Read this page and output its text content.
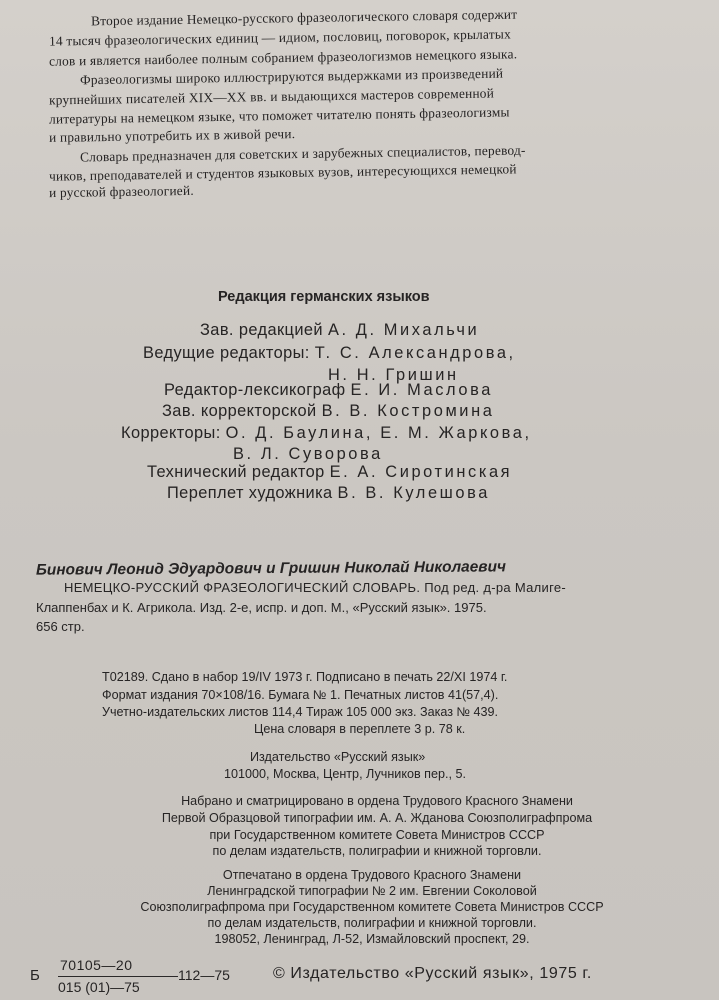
Второе издание Немецко-русского фразеологического словаря содержит

14 тысяч фразеологических единиц — идиом, пословиц, поговорок, крылатых

слов и является наиболее полным собранием фразеологизмов немецкого языка.

Фразеологизмы широко иллюстрируются выдержками из произведений

крупнейших писателей XIX—XX вв. и выдающихся мастеров современной

литературы на немецком языке, что поможет читателю понять фразеологизмы

и правильно употребить их в живой речи.

Словарь предназначен для советских и зарубежных специалистов, перевод-

чиков, преподавателей и студентов языковых вузов, интересующихся немецкой

и русской фразеологией.

Редакция германских языков
Зав. редакцией А. Д. Михальчи
Ведущие редакторы: Т. С. Александрова,
Н. Н. Гришин
Редактор-лексикограф Е. И. Маслова
Зав. корректорской В. В. Костромина
Корректоры: О. Д. Баулина, Е. М. Жаркова,
В. Л. Суворова
Технический редактор Е. А. Сиротинская
Переплет художника В. В. Кулешова
Бинович Леонид Эдуардович и Гришин Николай Николаевич
НЕМЕЦКО-РУССКИЙ ФРАЗЕОЛОГИЧЕСКИЙ СЛОВАРЬ. Под ред. д-ра Малиге-
Клаппенбах и К. Агрикола. Изд. 2-е, испр. и доп. М., «Русский язык». 1975.
656 стр.
Т02189. Сдано в набор 19/IV 1973 г. Подписано в печать 22/XI 1974 г.
Формат издания 70×108/16. Бумага № 1. Печатных листов 41(57,4).
Учетно-издательских листов 114,4 Тираж 105 000 экз. Заказ № 439.
Цена словаря в переплете 3 р. 78 к.
Издательство «Русский язык»
101000, Москва, Центр, Лучников пер., 5.
Набрано и сматрицировано в ордена Трудового Красного Знамени
Первой Образцовой типографии им. А. А. Жданова Союзполиграфпрома
при Государственном комитете Совета Министров СССР
по делам издательств, полиграфии и книжной торговли.
Отпечатано в ордена Трудового Красного Знамени
Ленинградской типографии № 2 им. Евгении Соколовой
Союзполиграфпрома при Государственном комитете Совета Министров СССР
по делам издательств, полиграфии и книжной торговли.
198052, Ленинград, Л-52, Измайловский проспект, 29.
Б
70105—20
015 (01)—75
112—75	© Издательство «Русский язык», 1975 г.
